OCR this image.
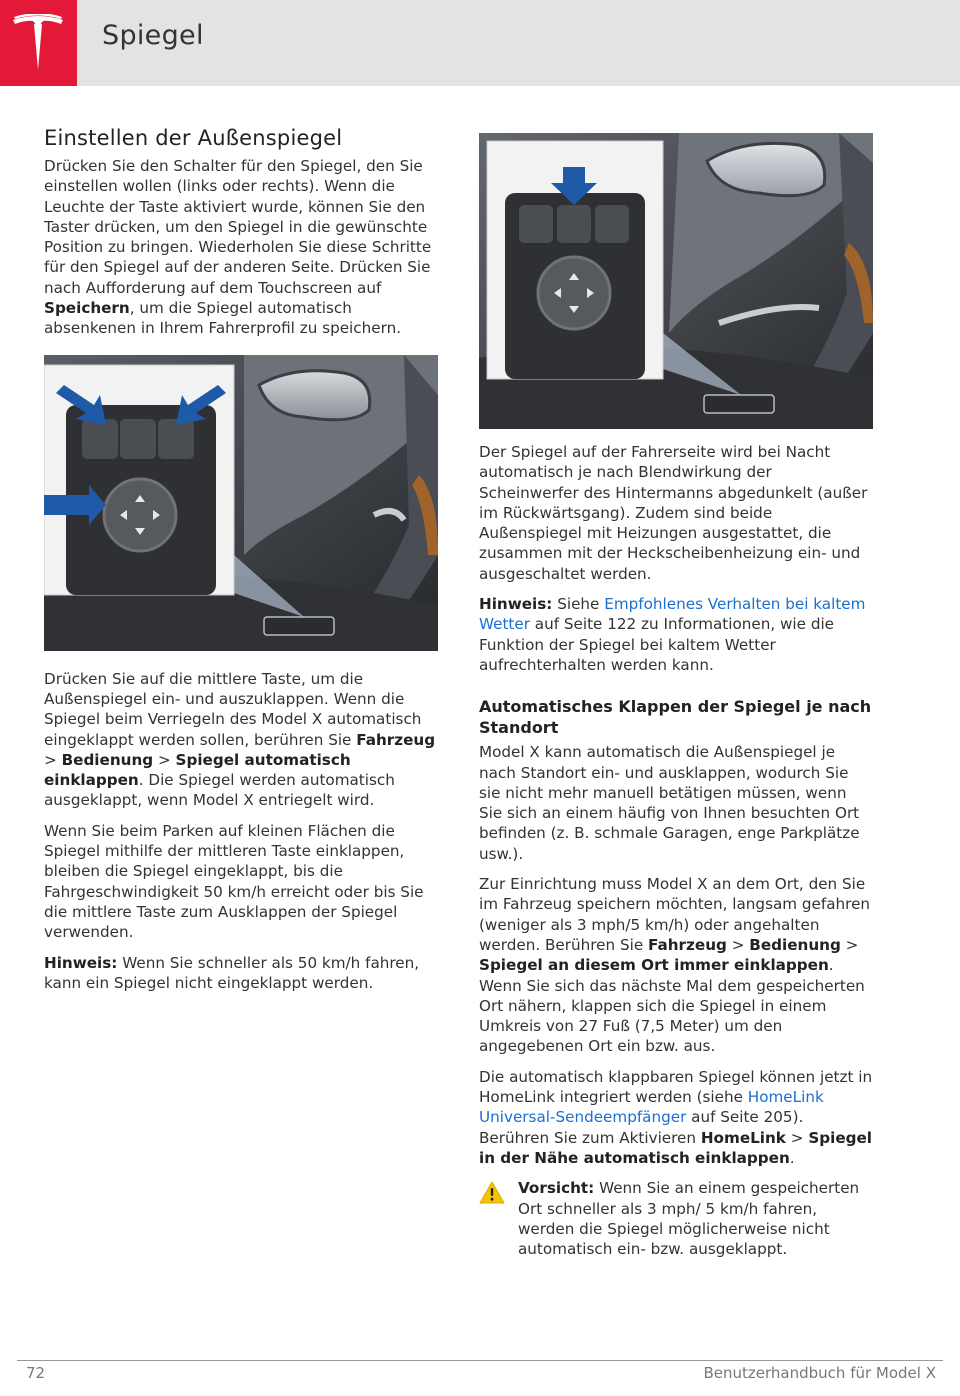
Spiegel
Einstellen der Außenspiegel

Drücken Sie den Schalter für den Spiegel, den Sie einstellen wollen (links oder rechts). Wenn die Leuchte der Taste aktiviert wurde, können Sie den Taster drücken, um den Spiegel in die gewünschte Position zu bringen. Wiederholen Sie diese Schritte für den Spiegel auf der anderen Seite. Drücken Sie nach Aufforderung auf dem Touchscreen auf Speichern, um die Spiegel automatisch absenkenen in Ihrem Fahrerprofil zu speichern.

Drücken Sie auf die mittlere Taste, um die Außenspiegel ein- und auszuklappen. Wenn die Spiegel beim Verriegeln des Model X automatisch eingeklappt werden sollen, berühren Sie Fahrzeug > Bedienung > Spiegel automatisch einklappen. Die Spiegel werden automatisch ausgeklappt, wenn Model X entriegelt wird.

Wenn Sie beim Parken auf kleinen Flächen die Spiegel mithilfe der mittleren Taste einklappen, bleiben die Spiegel eingeklappt, bis die Fahrgeschwindigkeit 50 km/h erreicht oder bis Sie die mittlere Taste zum Ausklappen der Spiegel verwenden.

Hinweis: Wenn Sie schneller als 50 km/h fahren, kann ein Spiegel nicht eingeklappt werden.

Der Spiegel auf der Fahrerseite wird bei Nacht automatisch je nach Blendwirkung der Scheinwerfer des Hintermanns abgedunkelt (außer im Rückwärtsgang). Zudem sind beide Außenspiegel mit Heizungen ausgestattet, die zusammen mit der Heckscheibenheizung ein- und ausgeschaltet werden.

Hinweis: Siehe Empfohlenes Verhalten bei kaltem Wetter auf Seite 122 zu Informationen, wie die Funktion der Spiegel bei kaltem Wetter aufrechterhalten werden kann.

Automatisches Klappen der Spiegel je nach Standort

Model X kann automatisch die Außenspiegel je nach Standort ein- und ausklappen, wodurch Sie sie nicht mehr manuell betätigen müssen, wenn Sie sich an einem häufig von Ihnen besuchten Ort befinden (z. B. schmale Garagen, enge Parkplätze usw.).

Zur Einrichtung muss Model X an dem Ort, den Sie im Fahrzeug speichern möchten, langsam gefahren (weniger als 3 mph/5 km/h) oder angehalten werden. Berühren Sie Fahrzeug > Bedienung > Spiegel an diesem Ort immer einklappen. Wenn Sie sich das nächste Mal dem gespeicherten Ort nähern, klappen sich die Spiegel in einem Umkreis von 27 Fuß (7,5 Meter) um den angegebenen Ort ein bzw. aus.

Die automatisch klappbaren Spiegel können jetzt in HomeLink integriert werden (siehe HomeLink Universal-Sendeempfänger auf Seite 205). Berühren Sie zum Aktivieren HomeLink > Spiegel in der Nähe automatisch einklappen.

Vorsicht: Wenn Sie an einem gespeicherten Ort schneller als 3 mph/ 5 km/h fahren, werden die Spiegel möglicherweise nicht automatisch ein- bzw. ausgeklappt.

72	Benutzerhandbuch für Model X
